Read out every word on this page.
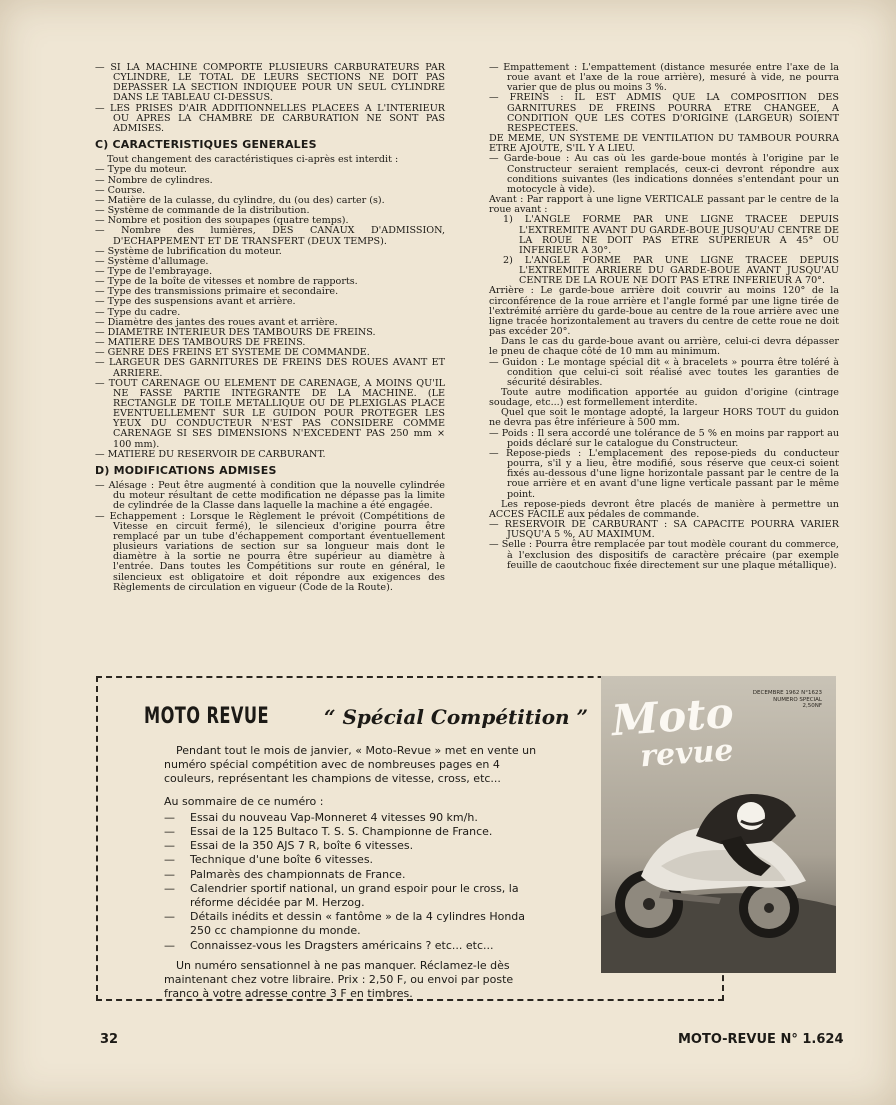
— SI LA MACHINE COMPORTE PLUSIEURS CARBURATEURS PAR CYLINDRE, LE TOTAL DE LEURS SECTIONS NE DOIT PAS DEPASSER LA SECTION INDIQUEE POUR UN SEUL CYLINDRE DANS LE TABLEAU CI-DESSUS.

— LES PRISES D'AIR ADDITIONNELLES PLACEES A L'INTERIEUR OU APRES LA CHAMBRE DE CARBURATION NE SONT PAS ADMISES.

C) CARACTERISTIQUES GENERALES

Tout changement des caractéristiques ci-après est interdit :

— Type du moteur.

— Nombre de cylindres.

— Course.

— Matière de la culasse, du cylindre, du (ou des) carter (s).

— Système de commande de la distribution.

— Nombre et position des soupapes (quatre temps).

— Nombre des lumières, DES CANAUX D'ADMISSION, D'ECHAPPEMENT ET DE TRANSFERT (DEUX TEMPS).

— Système de lubrification du moteur.

— Système d'allumage.

— Type de l'embrayage.

— Type de la boîte de vitesses et nombre de rapports.

— Type des transmissions primaire et secondaire.

— Type des suspensions avant et arrière.

— Type du cadre.

— Diamètre des jantes des roues avant et arrière.

— DIAMETRE INTERIEUR DES TAMBOURS DE FREINS.

— MATIERE DES TAMBOURS DE FREINS.

— GENRE DES FREINS ET SYSTEME DE COMMANDE.

— LARGEUR DES GARNITURES DE FREINS DES ROUES AVANT ET ARRIERE.

— TOUT CARENAGE OU ELEMENT DE CARENAGE, A MOINS QU'IL NE FASSE PARTIE INTEGRANTE DE LA MACHINE. (LE RECTANGLE DE TOILE METALLIQUE OU DE PLEXIGLAS PLACE EVENTUELLEMENT SUR LE GUIDON POUR PROTEGER LES YEUX DU CONDUCTEUR N'EST PAS CONSIDERE COMME CARENAGE SI SES DIMENSIONS N'EXCEDENT PAS 250 mm × 100 mm).

— MATIERE DU RESERVOIR DE CARBURANT.

D) MODIFICATIONS ADMISES

— Alésage : Peut être augmenté à condition que la nouvelle cylindrée du moteur résultant de cette modification ne dépasse pas la limite de cylindrée de la Classe dans laquelle la machine a été engagée.

— Echappement : Lorsque le Règlement le prévoit (Compétitions de Vitesse en circuit fermé), le silencieux d'origine pourra être remplacé par un tube d'échappement comportant éventuellement plusieurs variations de section sur sa longueur mais dont le diamètre à la sortie ne pourra être supérieur au diamètre à l'entrée. Dans toutes les Compétitions sur route en général, le silencieux est obligatoire et doit répondre aux exigences des Règlements de circulation en vigueur (Code de la Route).

— Empattement : L'empattement (distance mesurée entre l'axe de la roue avant et l'axe de la roue arrière), mesuré à vide, ne pourra varier que de plus ou moins 3 %.

— FREINS : IL EST ADMIS QUE LA COMPOSITION DES GARNITURES DE FREINS POURRA ETRE CHANGEE, A CONDITION QUE LES COTES D'ORIGINE (LARGEUR) SOIENT RESPECTEES.

DE MEME, UN SYSTEME DE VENTILATION DU TAMBOUR POURRA ETRE AJOUTE, S'IL Y A LIEU.

— Garde-boue : Au cas où les garde-boue montés à l'origine par le Constructeur seraient remplacés, ceux-ci devront répondre aux conditions suivantes (les indications données s'entendant pour un motocycle à vide).

Avant : Par rapport à une ligne VERTICALE passant par le centre de la roue avant :

1) L'ANGLE FORME PAR UNE LIGNE TRACEE DEPUIS L'EXTREMITE AVANT DU GARDE-BOUE JUSQU'AU CENTRE DE LA ROUE NE DOIT PAS ETRE SUPERIEUR A 45° OU INFERIEUR A 30°.

2) L'ANGLE FORME PAR UNE LIGNE TRACEE DEPUIS L'EXTREMITE ARRIERE DU GARDE-BOUE AVANT JUSQU'AU CENTRE DE LA ROUE NE DOIT PAS ETRE INFERIEUR A 70°.

Arrière : Le garde-boue arrière doit couvrir au moins 120° de la circonférence de la roue arrière et l'angle formé par une ligne tirée de l'extrémité arrière du garde-boue au centre de la roue arrière avec une ligne tracée horizontalement au travers du centre de cette roue ne doit pas excéder 20°.

Dans le cas du garde-boue avant ou arrière, celui-ci devra dépasser le pneu de chaque côté de 10 mm au minimum.

— Guidon : Le montage spécial dit « à bracelets » pourra être toléré à condition que celui-ci soit réalisé avec toutes les garanties de sécurité désirables.

Toute autre modification apportée au guidon d'origine (cintrage soudage, etc...) est formellement interdite.

Quel que soit le montage adopté, la largeur HORS TOUT du guidon ne devra pas être inférieure à 500 mm.

— Poids : Il sera accordé une tolérance de 5 % en moins par rapport au poids déclaré sur le catalogue du Constructeur.

— Repose-pieds : L'emplacement des repose-pieds du conducteur pourra, s'il y a lieu, être modifié, sous réserve que ceux-ci soient fixés au-dessous d'une ligne horizontale passant par le centre de la roue arrière et en avant d'une ligne verticale passant par le même point.

Les repose-pieds devront être placés de manière à permettre un ACCES FACILE aux pédales de commande.

— RESERVOIR DE CARBURANT : SA CAPACITE POURRA VARIER JUSQU'A 5 %, AU MAXIMUM.

— Selle : Pourra être remplacée par tout modèle courant du commerce, à l'exclusion des dispositifs de caractère précaire (par exemple feuille de caoutchouc fixée directement sur une plaque métallique).

MOTO REVUE	“ Spécial Compétition ”

Pendant tout le mois de janvier, « Moto-Revue » met en vente un numéro spécial compétition avec de nombreuses pages en 4 couleurs, représentant les champions de vitesse, cross, etc...

Au sommaire de ce numéro :

— Essai du nouveau Vap-Monneret 4 vitesses 90 km/h.
— Essai de la 125 Bultaco T. S. S. Championne de France.
— Essai de la 350 AJS 7 R, boîte 6 vitesses.
— Technique d'une boîte 6 vitesses.
— Palmarès des championnats de France.
— Calendrier sportif national, un grand espoir pour le cross, la réforme décidée par M. Herzog.
— Détails inédits et dessin « fantôme » de la 4 cylindres Honda 250 cc championne du monde.
— Connaissez-vous les Dragsters américains ? etc... etc...

Un numéro sensationnel à ne pas manquer. Réclamez-le dès maintenant chez votre libraire. Prix : 2,50 F, ou envoi par poste franco à votre adresse contre 3 F en timbres.

Moto
revue
DECEMBRE 1962 N°1623
NUMERO SPECIAL
2,50NF
32	MOTO-REVUE N° 1.624
